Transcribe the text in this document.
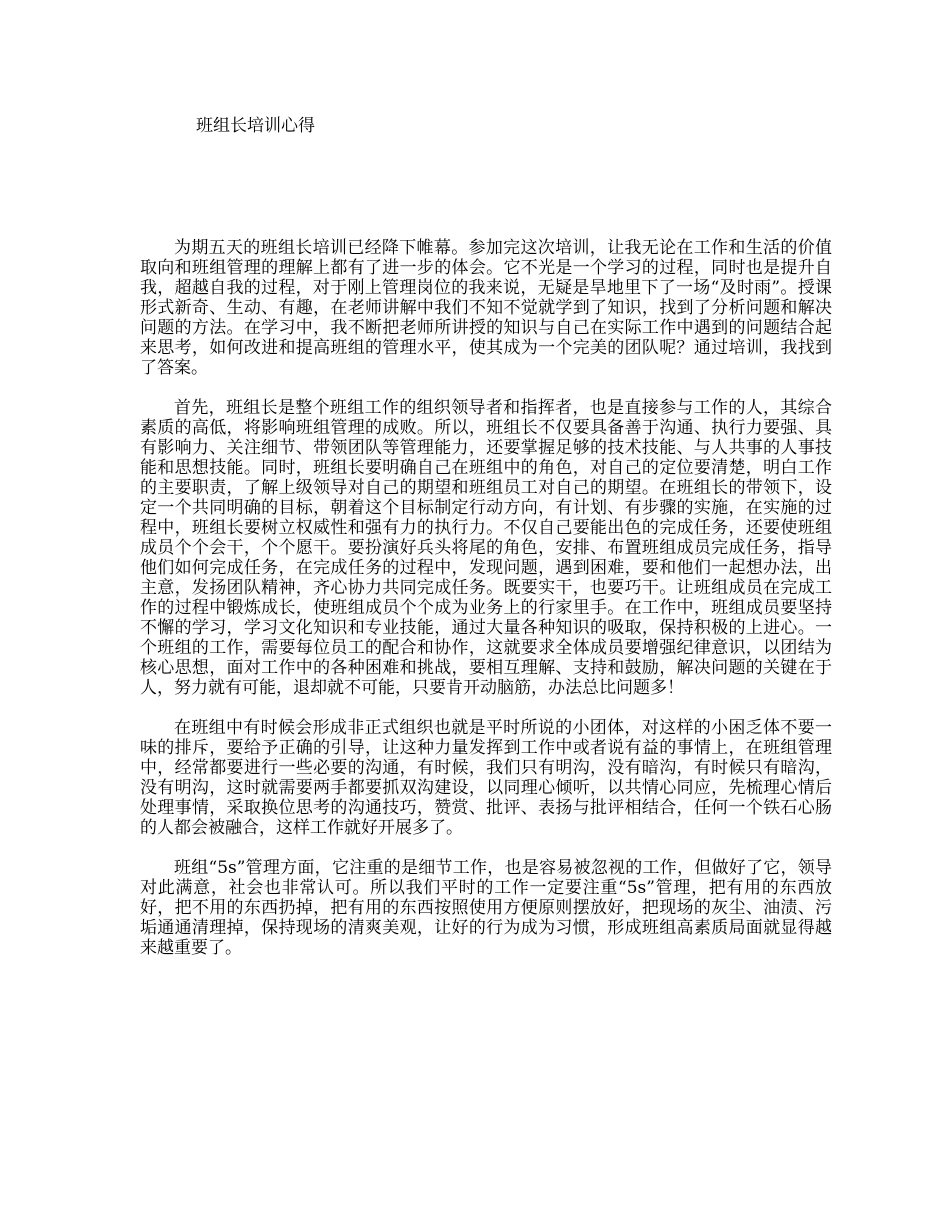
班组长培训心得

为期五天的班组长培训已经降下帷幕。参加完这次培训，让我无论在工作和生活的价值取向和班组管理的理解上都有了进一步的体会。它不光是一个学习的过程，同时也是提升自我，超越自我的过程，对于刚上管理岗位的我来说，无疑是旱地里下了一场“及时雨”。授课形式新奇、生动、有趣，在老师讲解中我们不知不觉就学到了知识，找到了分析问题和解决问题的方法。在学习中，我不断把老师所讲授的知识与自己在实际工作中遇到的问题结合起来思考，如何改进和提高班组的管理水平，使其成为一个完美的团队呢？通过培训，我找到了答案。

首先，班组长是整个班组工作的组织领导者和指挥者，也是直接参与工作的人，其综合素质的高低，将影响班组管理的成败。所以，班组长不仅要具备善于沟通、执行力要强、具有影响力、关注细节、带领团队等管理能力，还要掌握足够的技术技能、与人共事的人事技能和思想技能。同时，班组长要明确自己在班组中的角色，对自己的定位要清楚，明白工作的主要职责，了解上级领导对自己的期望和班组员工对自己的期望。在班组长的带领下，设定一个共同明确的目标，朝着这个目标制定行动方向，有计划、有步骤的实施，在实施的过程中，班组长要树立权威性和强有力的执行力。不仅自己要能出色的完成任务，还要使班组成员个个会干，个个愿干。要扮演好兵头将尾的角色，安排、布置班组成员完成任务，指导他们如何完成任务，在完成任务的过程中，发现问题，遇到困难，要和他们一起想办法，出主意，发扬团队精神，齐心协力共同完成任务。既要实干，也要巧干。让班组成员在完成工作的过程中锻炼成长，使班组成员个个成为业务上的行家里手。在工作中，班组成员要坚持不懈的学习，学习文化知识和专业技能，通过大量各种知识的吸取，保持积极的上进心。一个班组的工作，需要每位员工的配合和协作，这就要求全体成员要增强纪律意识，以团结为核心思想，面对工作中的各种困难和挑战，要相互理解、支持和鼓励，解决问题的关键在于人，努力就有可能，退却就不可能，只要肯开动脑筋，办法总比问题多！

在班组中有时候会形成非正式组织也就是平时所说的小团体，对这样的小困乏体不要一味的排斥，要给予正确的引导，让这种力量发挥到工作中或者说有益的事情上，在班组管理中，经常都要进行一些必要的沟通，有时候，我们只有明沟，没有暗沟，有时候只有暗沟，没有明沟，这时就需要两手都要抓双沟建设，以同理心倾听，以共情心同应，先梳理心情后处理事情，采取换位思考的沟通技巧，赞赏、批评、表扬与批评相结合，任何一个铁石心肠的人都会被融合，这样工作就好开展多了。

班组“5s”管理方面，它注重的是细节工作，也是容易被忽视的工作，但做好了它，领导对此满意，社会也非常认可。所以我们平时的工作一定要注重“5s”管理，把有用的东西放好，把不用的东西扔掉，把有用的东西按照使用方便原则摆放好，把现场的灰尘、油渍、污垢通通清理掉，保持现场的清爽美观，让好的行为成为习惯，形成班组高素质局面就显得越来越重要了。
